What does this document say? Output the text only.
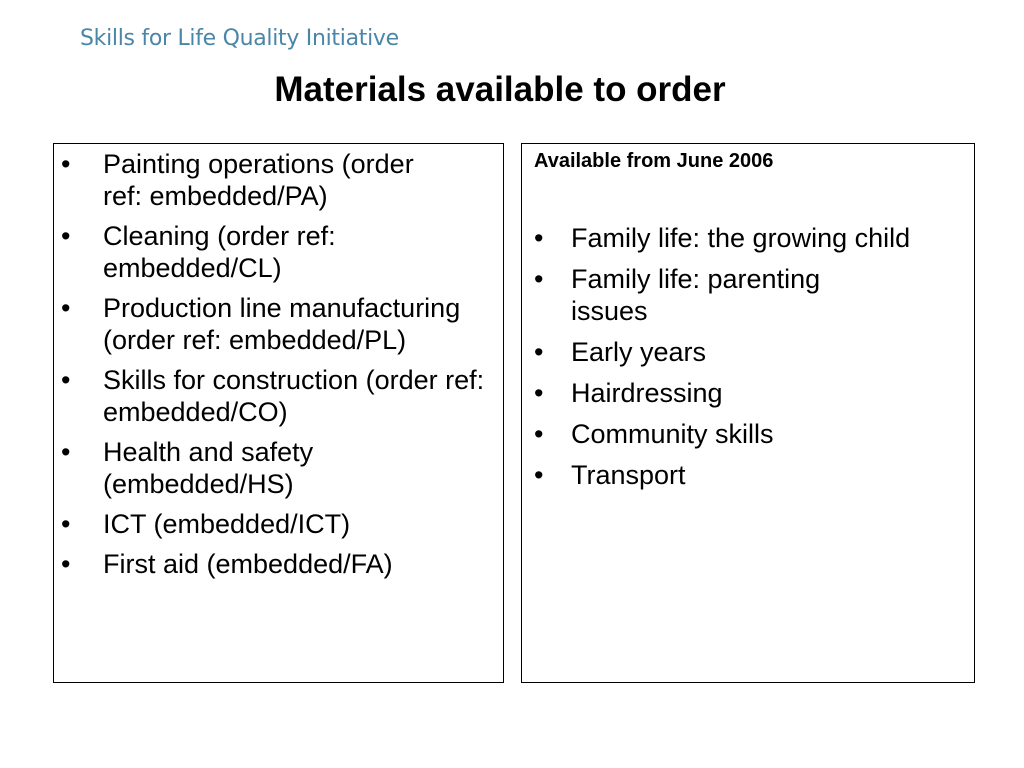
Skills for Life Quality Initiative
Materials available to order
• Painting operations (order ref: embedded/PA)
• Cleaning (order ref: embedded/CL)
• Production line manufacturing (order ref: embedded/PL)
• Skills for construction (order ref: embedded/CO)
• Health and safety (embedded/HS)
• ICT (embedded/ICT)
• First aid (embedded/FA)
Available from June 2006
• Family life: the growing child
• Family life: parenting issues
• Early years
• Hairdressing
• Community skills
• Transport
